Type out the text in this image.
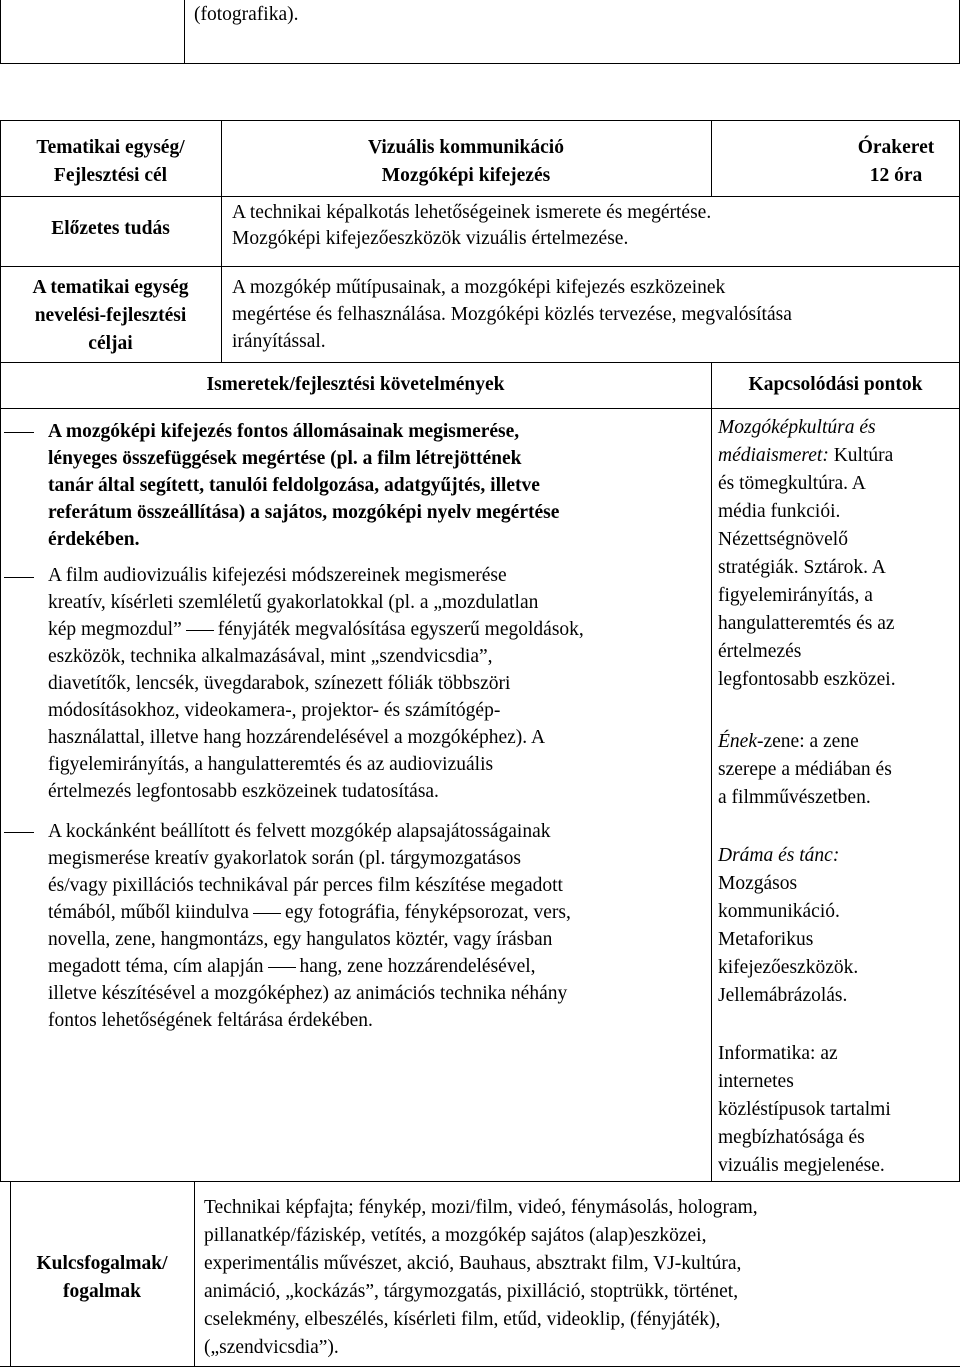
(fotografika).
Tematikai egység/
Fejlesztési cél
Vizuális kommunikáció
Mozgóképi kifejezés
Órakeret
12 óra
Előzetes tudás
A technikai képalkotás lehetőségeinek ismerete és megértése.
Mozgóképi kifejezőeszközök vizuális értelmezése.
A tematikai egység
nevelési-fejlesztési
céljai
A mozgókép műtípusainak, a mozgóképi kifejezés eszközeinek
megértése és felhasználása. Mozgóképi közlés tervezése, megvalósítása
irányítással.
Ismeretek/fejlesztési követelmények	Kapcsolódási pontok
A mozgóképi kifejezés fontos állomásainak megismerése,
lényeges összefüggések megértése (pl. a film létrejöttének
tanár által segített, tanulói feldolgozása, adatgyűjtés, illetve
referátum összeállítása) a sajátos, mozgóképi nyelv megértése
érdekében.
A film audiovizuális kifejezési módszereinek megismerése
kreatív, kísérleti szemléletű gyakorlatokkal (pl. a „mozdulatlan
kép megmozdul” fényjáték megvalósítása egyszerű megoldások,
eszközök, technika alkalmazásával, mint „szendvicsdia”,
diavetítők, lencsék, üvegdarabok, színezett fóliák többszöri
módosításokhoz, videokamera-, projektor- és számítógép-
használattal, illetve hang hozzárendelésével a mozgóképhez). A
figyelemirányítás, a hangulatteremtés és az audiovizuális
értelmezés legfontosabb eszközeinek tudatosítása.
A kockánként beállított és felvett mozgókép alapsajátosságainak
megismerése kreatív gyakorlatok során (pl. tárgymozgatásos
és/vagy pixillációs technikával pár perces film készítése megadott
témából, műből kiindulva egy fotográfia, fényképsorozat, vers,
novella, zene, hangmontázs, egy hangulatos köztér, vagy írásban
megadott téma, cím alapján hang, zene hozzárendelésével,
illetve készítésével a mozgóképhez) az animációs technika néhány
fontos lehetőségének feltárása érdekében.

Mozgóképkultúra és

médiaismeret: Kultúra

és tömegkultúra. A

média funkciói.

Nézettségnövelő

stratégiák. Sztárok. A

figyelemirányítás, a

hangulatteremtés és az

értelmezés

legfontosabb eszközei.

Ének-zene: a zene

szerepe a médiában és

a filmművészetben.

Dráma és tánc:

Mozgásos

kommunikáció.

Metaforikus

kifejezőeszközök.

Jellemábrázolás.

Informatika: az

internetes

közléstípusok tartalmi

megbízhatósága és

vizuális megjelenése.

Kulcsfogalmak/
fogalmak
Technikai képfajta; fénykép, mozi/film, videó, fénymásolás, hologram,
pillanatkép/fáziskép, vetítés, a mozgókép sajátos (alap)eszközei,
experimentális művészet, akció, Bauhaus, absztrakt film, VJ-kultúra,
animáció, „kockázás”, tárgymozgatás, pixilláció, stoptrükk, történet,
cselekmény, elbeszélés, kísérleti film, etűd, videoklip, (fényjáték),
(„szendvicsdia”).
